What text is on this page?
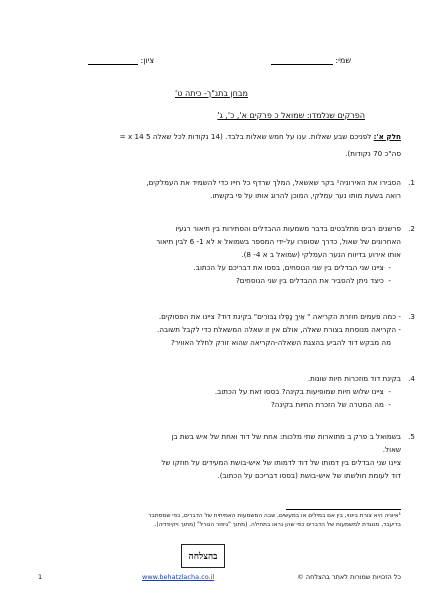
שמי:
ציון:
מבחן בתנ"ך- כיתה ט'
הפרקים שנלמדו: שמואל כ פרקים א', כ', ג'
חלק א': לפניכם שבע שאלות. ענו על חמש שאלות בלבד. (14 נקודות לכל שאלה 5 x 14 =
סה"כ 70 נקודות).
1.
הסבירו את האירוניה¹ בקר שאשאל, המלך שרדף כל חייו כדי להשמיד את העמלקים,
רואה בשעת מותו נער עמלקי, המוכן להרוג אותו על פי בקשתו.
2.
פרשנים רבים מתלבטים בדבר משמעות ההבדלים והסתירות בין תיאור רגעיו
האחרונים של שאול, כדרך שסופרו על-ידי המספר בשמואל א לא 1- 6 לבין תיאור
אותו אירוע בדיווח הנער העמלקי (שמואל ב א 4- 8).
-  ציינו שני הבדלים בין שני הנוסחים, בססו את דבריכם על הכתוב.
-  כיצד ניתן להסביר את ההבדלים בין שני הנוסחים?
3.
- כמה פעמים חוזרת הקריאה " אֵיךְ נָפְלוּ גִבּוֹרִים" בקינת דוד? ציינו את הפסוקים.
- הקריאה מנוסחת בצורת שאלה, אולם אין זו שאלה המשאלת כדי לקבל תשובה.
מה מבקש דוד להביע בהצגת השאלה-הקריאה שהוא זורק לחלל האוויר?
4.
בקינת דוד מוזכרות חיות שונות.
-  ציינו שלוש חיות שמופיעות בקינה? בססו זאת על הכתוב.
-  מה המטרה של הזכרת החיות בקינה?
5.
בשמואל ב פרק ב מתוארות שתי מלכות: אחת של דוד ואחת של איש בשת בן
שאול.
ציינו שני הבדלים בין דמותו של דוד לדמותו של איש-בושת המעידים על חוזקו של
דוד לעומת חולשתו של איש-בושת (בססו דבריכם על הכתוב).
¹איוניה היא צורת ביטוי, בין אם במילים או במעשים, שבה המשמעות האמיתית של הדברים, כפי שמסתבר
בדיעבד, מנוגדת למשמעות של הדברים כפי שהן נראו בתחילה. (מתוך "גיפור הגורל" (מתוך ויקיפדיה).
בהצלחה
1	www.behatzlacha.co.il	כל הזכויות שמורות לאתר בהצלחה ©
